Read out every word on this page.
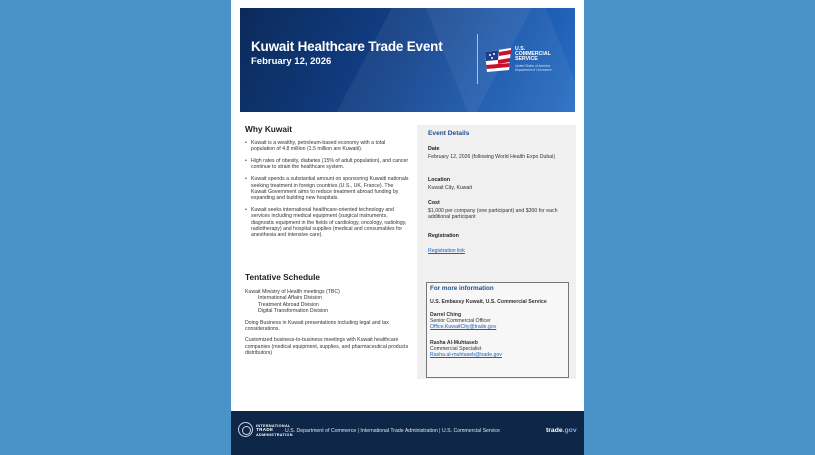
Kuwait Healthcare Trade Event
February 12, 2026
U.S.
COMMERCIAL
SERVICE
United States of America
Department of Commerce
Why Kuwait
• Kuwait is a wealthy, petroleum-based economy with a total population of 4.8 million (1.5 million are Kuwaiti).
• High rates of obesity, diabetes (15% of adult population), and cancer continue to strain the healthcare system.
• Kuwait spends a substantial amount on sponsoring Kuwaiti nationals seeking treatment in foreign countries (U.S., UK, France). The Kuwait Government aims to reduce treatment abroad funding by expanding and building new hospitals.
• Kuwait seeks international healthcare-oriented technology and services including medical equipment (surgical instruments, diagnostic equipment in the fields of cardiology, oncology, radiology, radiotherapy) and hospital supplies (medical and consumables for anesthesia and intensive care).
Tentative Schedule
Kuwait Ministry of Health meetings (TBC)
International Affairs Division
Treatment Abroad Division
Digital Transformation Division
Doing Business in Kuwait presentations including legal and tax considerations.
Customized business-to-business meetings with Kuwait healthcare companies (medical equipment, supplies, and pharmaceutical products distributors)
Event Details
Date
February 12, 2026 (following World Health Expo Dubai)
Location
Kuwait City, Kuwait
Cost
$1,000 per company (one participant) and $300 for each additional participant
Registration
Registration link
For more information
U.S. Embassy Kuwait, U.S. Commercial Service
Darrel Ching
Senior Commercial Officer
Office.KuwaitCity@trade.gov
Rasha Al-Muhtaseb
Commercial Specialist
Rasha.al-muhtaseb@trade.gov
INTERNATIONAL
TRADE
ADMINISTRATION
U.S. Department of Commerce | International Trade Administration | U.S. Commercial Service	trade.gov
